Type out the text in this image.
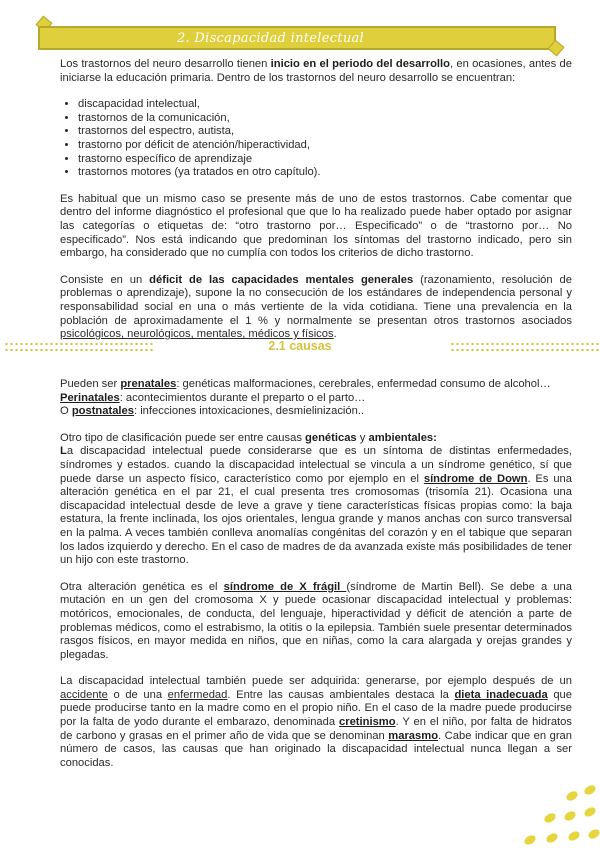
2. Discapacidad intelectual

Los trastornos del neuro desarrollo tienen inicio en el periodo del desarrollo, en ocasiones, antes de iniciarse la educación primaria. Dentro de los trastornos del neuro desarrollo se encuentran:

• discapacidad intelectual,
• trastornos de la comunicación,
• trastornos del espectro, autista,
• trastorno por déficit de atención/hiperactividad,
• trastorno específico de aprendizaje
• trastornos motores (ya tratados en otro capítulo).

Es habitual que un mismo caso se presente más de uno de estos trastornos. Cabe comentar que dentro del informe diagnóstico el profesional que que lo ha realizado puede haber optado por asignar las categorías o etiquetas de: “otro trastorno por… Especificado” o de “trastorno por… No especificado”. Nos está indicando que predominan los síntomas del trastorno indicado, pero sin embargo, ha considerado que no cumplía con todos los criterios de dicho trastorno.

Consiste en un déficit de las capacidades mentales generales (razonamiento, resolución de problemas o aprendizaje), supone la no consecución de los estándares de independencia personal y responsabilidad social en una o más vertiente de la vida cotidiana. Tiene una prevalencia en la población de aproximadamente el 1 % y normalmente se presentan otros trastornos asociados psicológicos, neurológicos, mentales, médicos y físicos.

2.1 causas

Pueden ser prenatales: genéticas malformaciones, cerebrales, enfermedad consumo de alcohol…
Perinatales: acontecimientos durante el preparto o el parto…
O postnatales: infecciones intoxicaciones, desmielinización..

Otro tipo de clasificación puede ser entre causas genéticas y ambientales:
La discapacidad intelectual puede considerarse que es un síntoma de distintas enfermedades, síndromes y estados. cuando la discapacidad intelectual se vincula a un síndrome genético, sí que puede darse un aspecto físico, característico como por ejemplo en el síndrome de Down. Es una alteración genética en el par 21, el cual presenta tres cromosomas (trisomía 21). Ocasiona una discapacidad intelectual desde de leve a grave y tiene características físicas propias como: la baja estatura, la frente inclinada, los ojos orientales, lengua grande y manos anchas con surco transversal en la palma. A veces también conlleva anomalías congénitas del corazón y en el tabique que separan los lados izquierdo y derecho. En el caso de madres de da avanzada existe más posibilidades de tener un hijo con este trastorno.

Otra alteración genética es el síndrome de X frágil (síndrome de Martin Bell). Se debe a una mutación en un gen del cromosoma X y puede ocasionar discapacidad intelectual y problemas: motóricos, emocionales, de conducta, del lenguaje, hiperactividad y déficit de atención a parte de problemas médicos, como el estrabismo, la otitis o la epilepsia. También suele presentar determinados rasgos físicos, en mayor medida en niños, que en niñas, como la cara alargada y orejas grandes y plegadas.

La discapacidad intelectual también puede ser adquirida: generarse, por ejemplo después de un accidente o de una enfermedad. Entre las causas ambientales destaca la dieta inadecuada que puede producirse tanto en la madre como en el propio niño. En el caso de la madre puede producirse por la falta de yodo durante el embarazo, denominada cretinismo. Y en el niño, por falta de hidratos de carbono y grasas en el primer año de vida que se denominan marasmo. Cabe indicar que en gran número de casos, las causas que han originado la discapacidad intelectual nunca llegan a ser conocidas.
